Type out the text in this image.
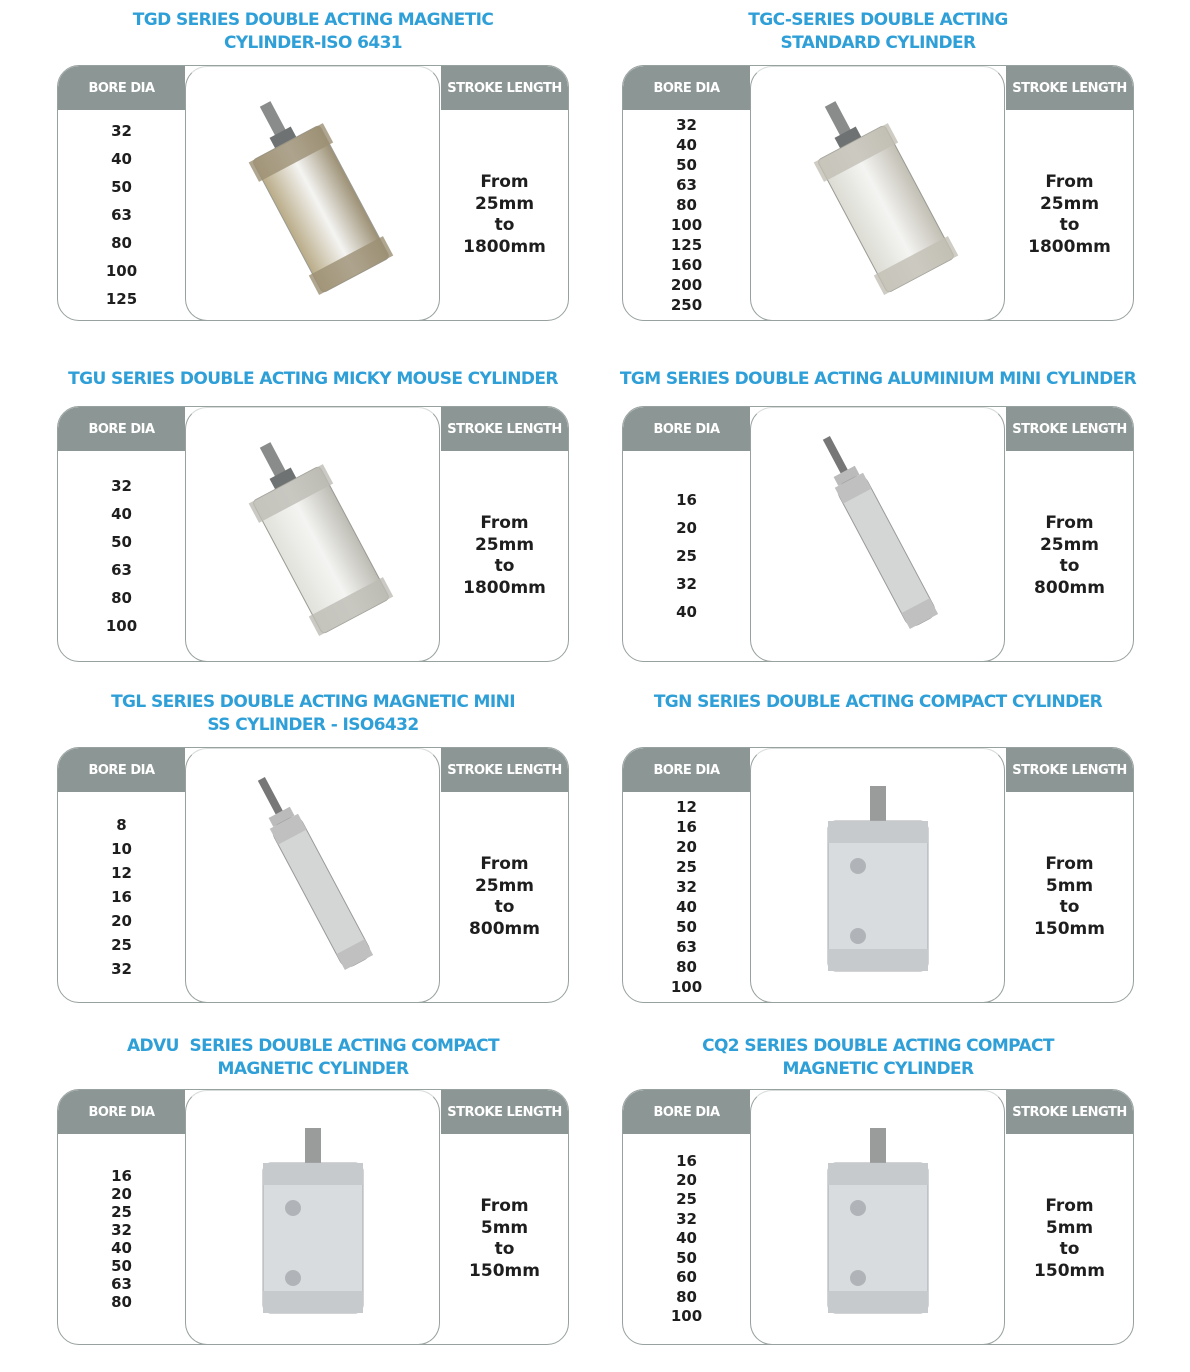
TGD SERIES DOUBLE ACTING MAGNETIC
CYLINDER-ISO 6431
BORE DIA
32
40
50
63
80
100
125
STROKE LENGTH
From
25mm
to
1800mm
TGC-SERIES DOUBLE ACTING
STANDARD CYLINDER
BORE DIA
32
40
50
63
80
100
125
160
200
250
STROKE LENGTH
From
25mm
to
1800mm
TGU SERIES DOUBLE ACTING MICKY MOUSE CYLINDER
BORE DIA
32
40
50
63
80
100
STROKE LENGTH
From
25mm
to
1800mm
TGM SERIES DOUBLE ACTING ALUMINIUM MINI CYLINDER
BORE DIA
16
20
25
32
40
STROKE LENGTH
From
25mm
to
800mm
TGL SERIES DOUBLE ACTING MAGNETIC MINI
SS CYLINDER - ISO6432
BORE DIA
8
10
12
16
20
25
32
STROKE LENGTH
From
25mm
to
800mm
TGN SERIES DOUBLE ACTING COMPACT CYLINDER
BORE DIA
12
16
20
25
32
40
50
63
80
100
STROKE LENGTH
From
5mm
to
150mm
ADVU  SERIES DOUBLE ACTING COMPACT
MAGNETIC CYLINDER
BORE DIA
16
20
25
32
40
50
63
80
STROKE LENGTH
From
5mm
to
150mm
CQ2 SERIES DOUBLE ACTING COMPACT
MAGNETIC CYLINDER
BORE DIA
16
20
25
32
40
50
60
80
100
STROKE LENGTH
From
5mm
to
150mm
